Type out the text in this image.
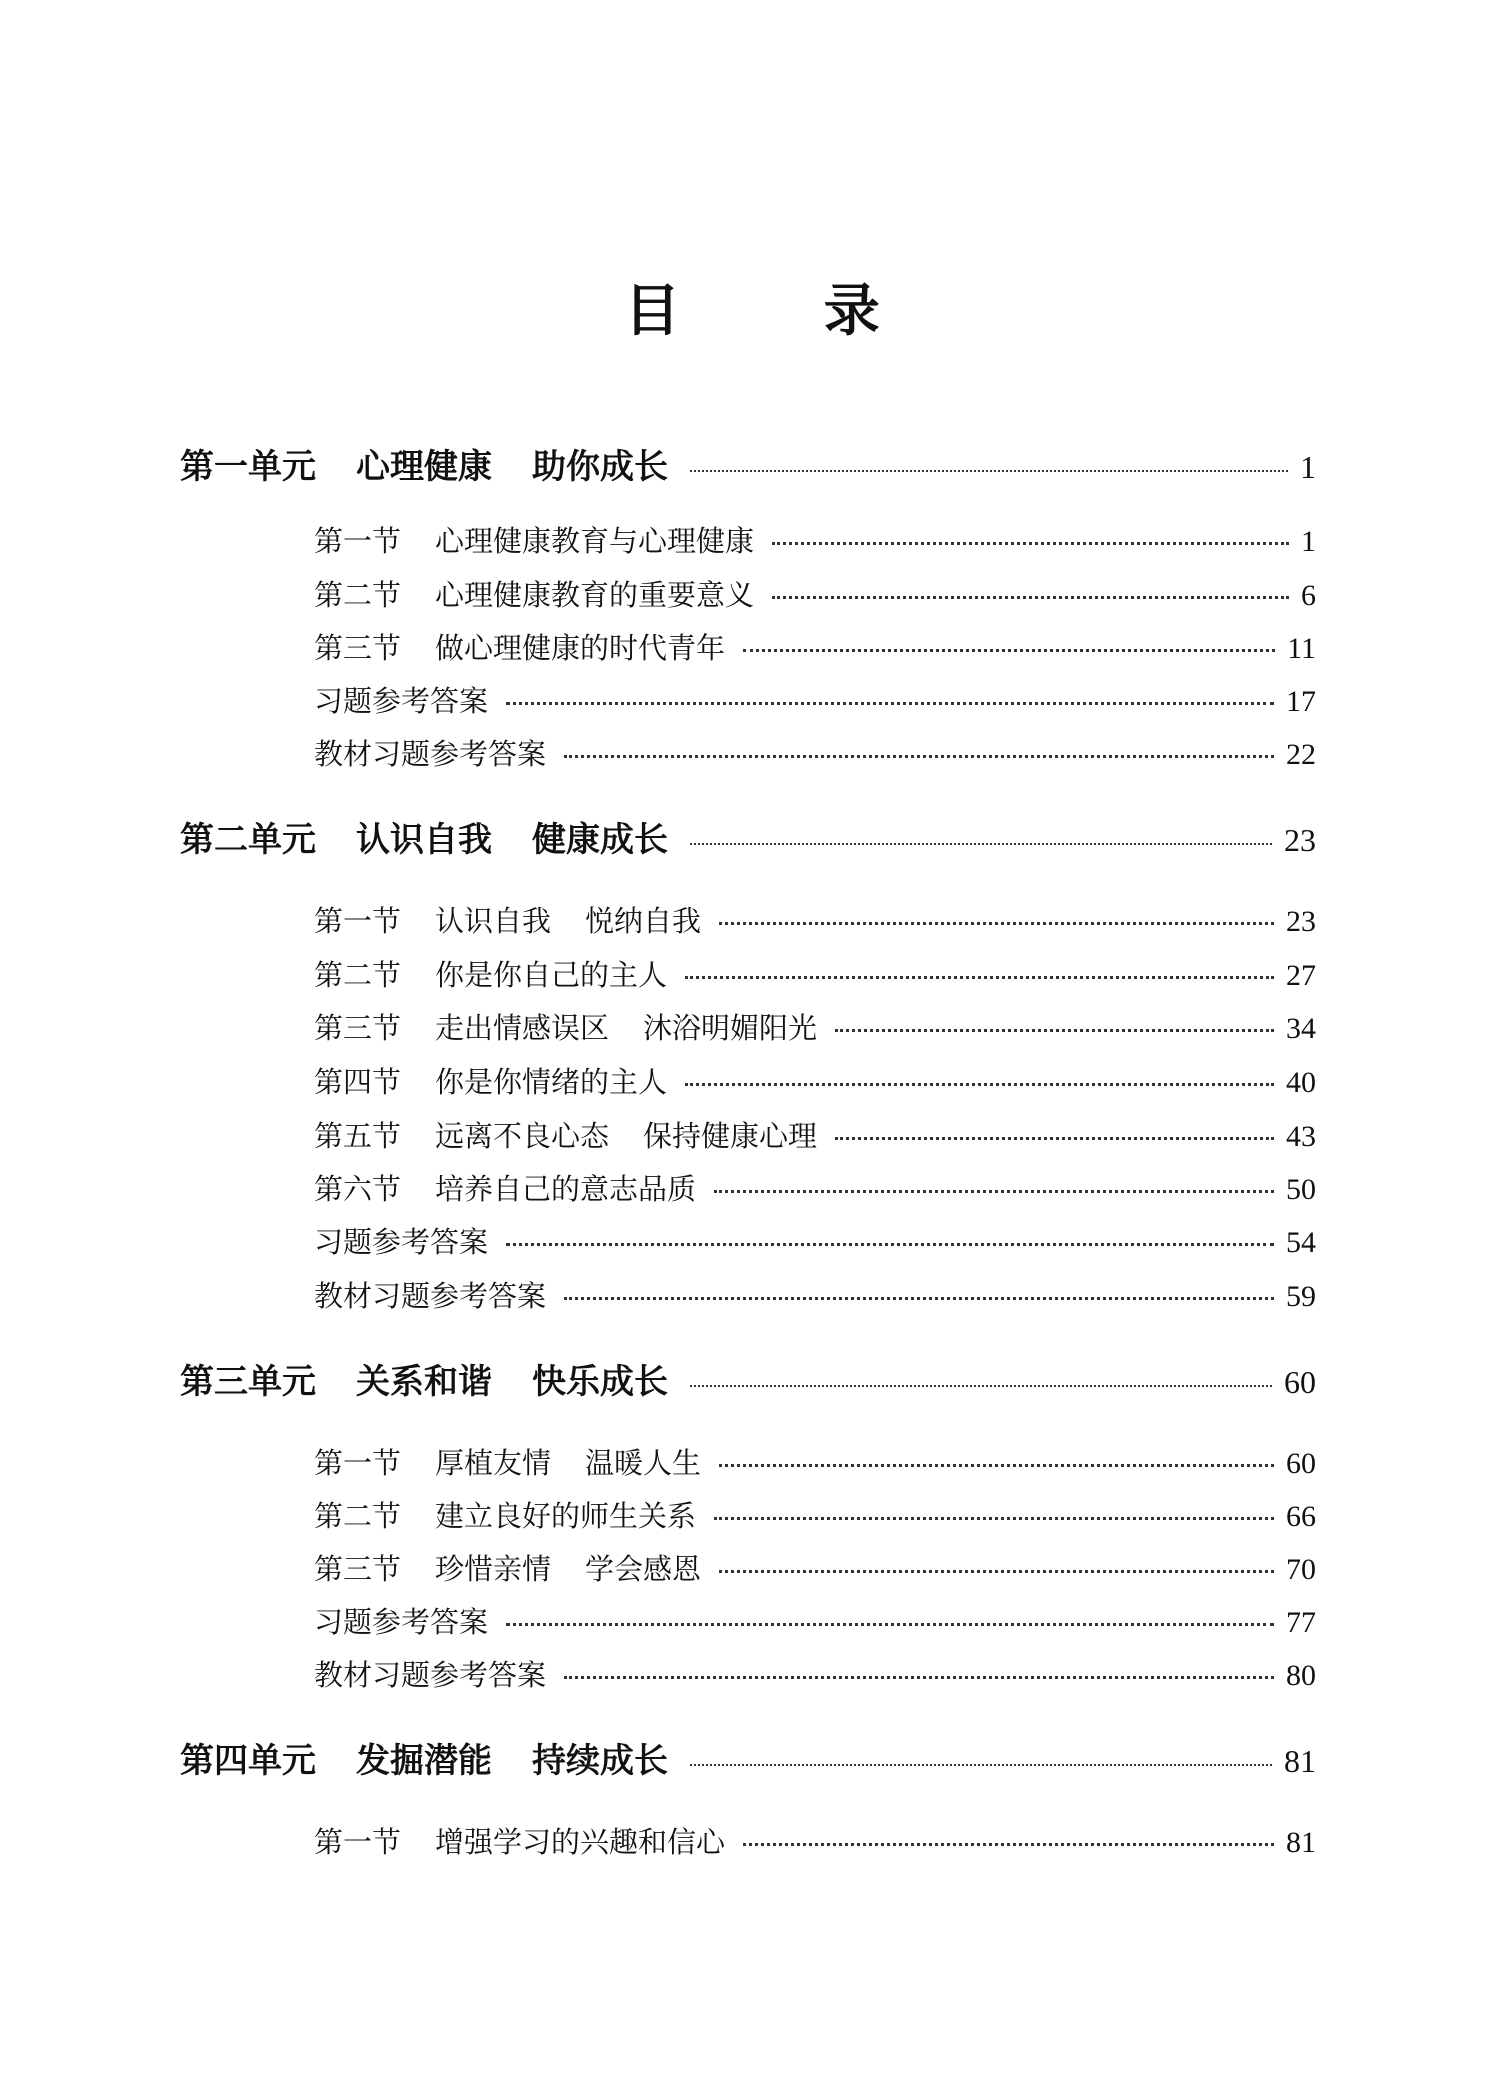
目 录
第一单元 心理健康 助你成长	1
第一节 心理健康教育与心理健康	1
第二节 心理健康教育的重要意义	6
第三节 做心理健康的时代青年	11
习题参考答案	17
教材习题参考答案	22
第二单元 认识自我 健康成长	23
第一节 认识自我 悦纳自我	23
第二节 你是你自己的主人	27
第三节 走出情感误区 沐浴明媚阳光	34
第四节 你是你情绪的主人	40
第五节 远离不良心态 保持健康心理	43
第六节 培养自己的意志品质	50
习题参考答案	54
教材习题参考答案	59
第三单元 关系和谐 快乐成长	60
第一节 厚植友情 温暖人生	60
第二节 建立良好的师生关系	66
第三节 珍惜亲情 学会感恩	70
习题参考答案	77
教材习题参考答案	80
第四单元 发掘潜能 持续成长	81
第一节 增强学习的兴趣和信心	81
